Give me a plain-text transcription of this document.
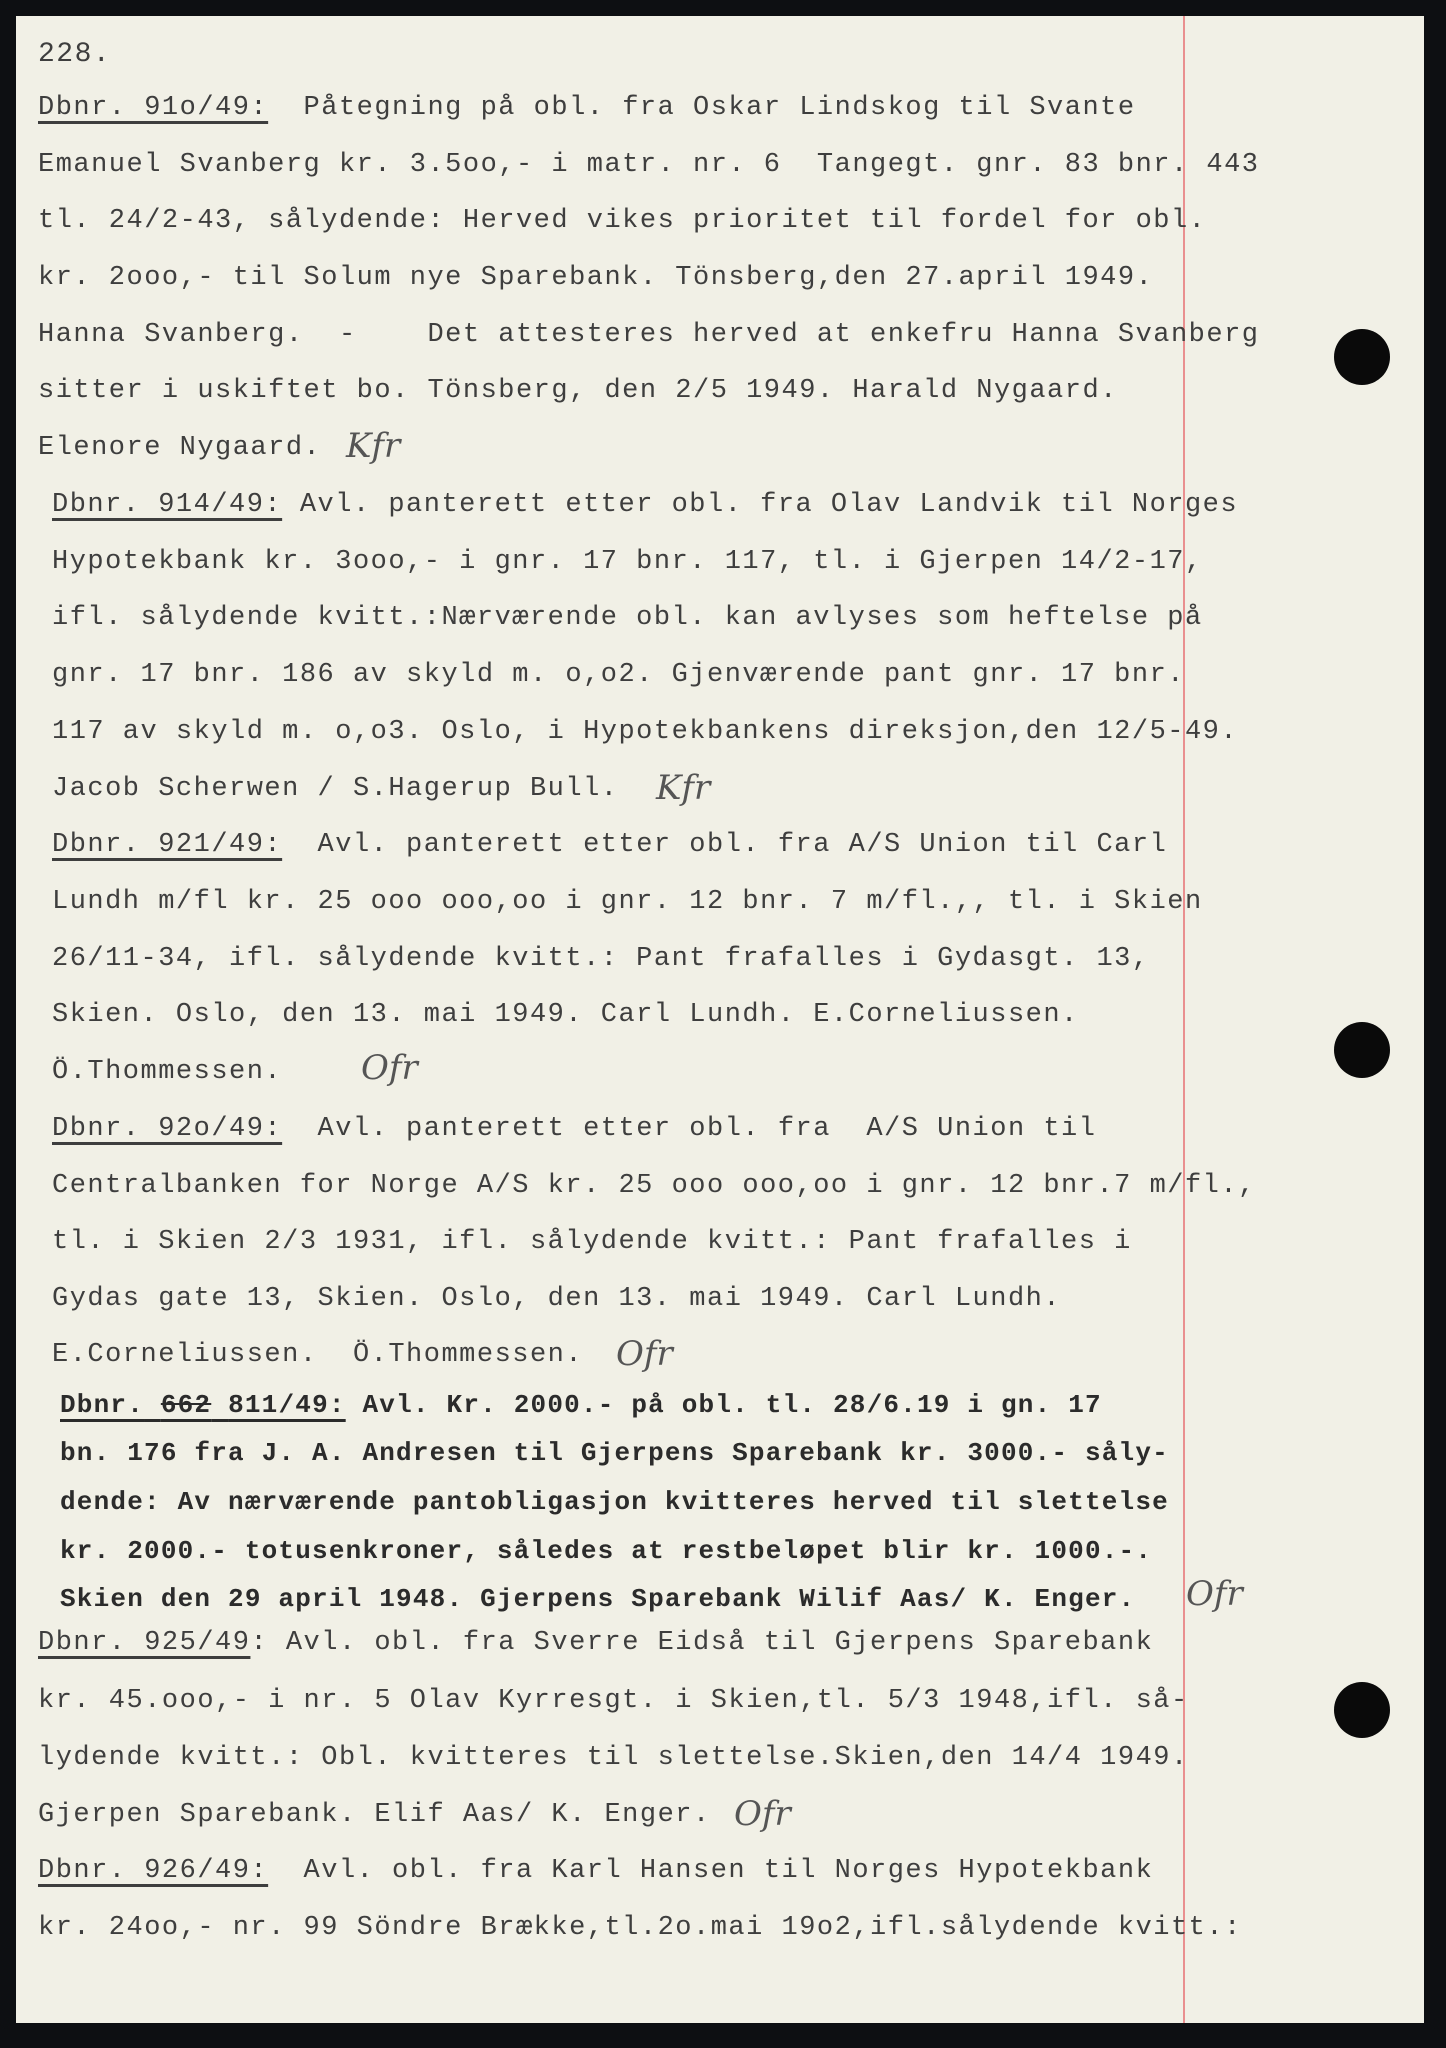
228.
Dbnr. 91o/49: Påtegning på obl. fra Oskar Lindskog til Svante
Emanuel Svanberg kr. 3.5oo,- i matr. nr. 6  Tangegt. gnr. 83 bnr. 443
tl. 24/2-43, sålydende: Herved vikes prioritet til fordel for obl.
kr. 2ooo,- til Solum nye Sparebank. Tönsberg,den 27.april 1949.
Hanna Svanberg.  -    Det attesteres herved at enkefru Hanna Svanberg
sitter i uskiftet bo. Tönsberg, den 2/5 1949. Harald Nygaard.
Elenore Nygaard. Kfr
Dbnr. 914/49: Avl. panterett etter obl. fra Olav Landvik til Norges
Hypotekbank kr. 3ooo,- i gnr. 17 bnr. 117, tl. i Gjerpen 14/2-17,
ifl. sålydende kvitt.:Nærværende obl. kan avlyses som heftelse på
gnr. 17 bnr. 186 av skyld m. o,o2. Gjenværende pant gnr. 17 bnr.
117 av skyld m. o,o3. Oslo, i Hypotekbankens direksjon,den 12/5-49.
Jacob Scherwen / S.Hagerup Bull. Kfr
Dbnr. 921/49: Avl. panterett etter obl. fra A/S Union til Carl
Lundh m/fl kr. 25 ooo ooo,oo i gnr. 12 bnr. 7 m/fl.,, tl. i Skien
26/11-34, ifl. sålydende kvitt.: Pant frafalles i Gydasgt. 13,
Skien. Oslo, den 13. mai 1949. Carl Lundh. E.Corneliussen.
Ö.Thommessen. Ofr
Dbnr. 92o/49: Avl. panterett etter obl. fra  A/S Union til
Centralbanken for Norge A/S kr. 25 ooo ooo,oo i gnr. 12 bnr.7 m/fl.,
tl. i Skien 2/3 1931, ifl. sålydende kvitt.: Pant frafalles i
Gydas gate 13, Skien. Oslo, den 13. mai 1949. Carl Lundh.
E.Corneliussen.  Ö.Thommessen. Ofr
Dbnr. 662 811/49: Avl. Kr. 2000.- på obl. tl. 28/6.19 i gn. 17
bn. 176 fra J. A. Andresen til Gjerpens Sparebank kr. 3000.- såly-
dende: Av nærværende pantobligasjon kvitteres herved til slettelse
kr. 2000.- totusenkroner, således at restbeløpet blir kr. 1000.-.
Skien den 29 april 1948. Gjerpens Sparebank Wilif Aas/ K. Enger. Ofr
Dbnr. 925/49: Avl. obl. fra Sverre Eidså til Gjerpens Sparebank
kr. 45.ooo,- i nr. 5 Olav Kyrresgt. i Skien,tl. 5/3 1948,ifl. så-
lydende kvitt.: Obl. kvitteres til slettelse.Skien,den 14/4 1949.
Gjerpen Sparebank. Elif Aas/ K. Enger. Ofr
Dbnr. 926/49: Avl. obl. fra Karl Hansen til Norges Hypotekbank
kr. 24oo,- nr. 99 Söndre Brække,tl.2o.mai 19o2,ifl.sålydende kvitt.:
